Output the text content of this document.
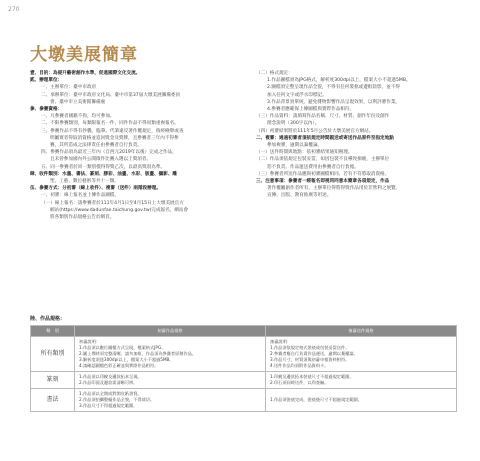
270
大墩美展簡章

壹、目的：為提升藝術創作水準，促進國際文化交流。

貳、辦理單位：

一、主辦單位：臺中市政府

二、承辦單位：臺中市政府文化局、臺中市第37屆大墩美展籌備委員

會、臺中市立美術館籌備處

參、參賽資格：

一、凡參賽者國籍不拘，均可參加。

二、不限參賽類別，每類限報名一件，同件作品不得同類重複報名。

三、參賽作品不得有抄襲、臨摹、代筆違反著作權規定，倘經檢舉或查

明屬實者得取消資格並追回獎金及獎牌，且參賽者三年內不得參

賽，其所造成之法律責任由參賽者自行負責。

四、參賽作品須為最近三年內（自西元2019年以後）完成之作品，

且未曾參加國內外公開徵件比賽入選以上獎項者。

五、同一參賽者於同一類別僅得得獎乙次，以最高獎項為準。

肆、收件類別：水墨、書法、篆刻、膠彩、油畫、水彩、版畫、攝影、雕

塑、工藝、數位藝術等共十一類。

伍、參賽方式：分初審（線上收件）、複審（送件）兩階段辦理。

一、初審：線上報名並上傳作品圖檔。

（一）線上報名：請參賽者於111年4月1日至4月15日上大墩美展官方

網站(https://www.dadunfae.taichung.gov.tw)完成報名，網站會

將各類別作品規格公告於網頁。

（二）格式規定：

1.作品圖檔須為JPG格式，解析度300dpi以上，檔案大小不超過5MB。

2.圖檔須完整呈現作品全貌，不得有任何裝框或邊框陰影，並不得

加入任何文字或浮水印標記。

3.作品背景須單純，避免雜物影響作品呈現效果，以利評審作業。

4.參賽者應確保上傳圖檔與實際作品相符。

（三）作品資料：請填寫作品名稱、尺寸、材質、創作年份及創作

理念說明（300字以內）。

（四）初審結果將於111年5月公告於大墩美展官方網站。

二、複審：通過初審者須依規定時間親送或寄送作品原件至指定地點

參加複審，逾期以棄權論。

（一）送件時間與地點：依初審結果通知辦理。

（二）作品須依規定包裝妥當，如因包裝不良導致損壞，主辦單位

恕不負責。作品運送費用由參賽者自行負擔。

（三）參賽者所送作品應與初審圖檔相同，若有不符將取消資格。

三、注意事項：參賽者一經報名即視同同意本簡章各項規定，作品

著作權屬創作者所有，主辦單位得將得獎作品用於非營利之展覽、

宣傳、出版、教育推廣等用途。

陸、作品規格：
類　別	初審作品規格	複審送件規格
所有類別	初審說明：
1.作品須以數位圖檔方式呈現，檔案格式JPG。
2.圖上傳時須完整清晰，請勿加框，作品須為參賽者原創作品。
3.解析度須達300dpi以上，檔案大小不超過5MB。
4.請確認圖檔色彩正確並與實際作品相符。	複審說明：
1.作品須依規定格式裝裱或包裝妥當送件。
2.參賽者應自行負責作品運送，逾期以棄權論。
3.作品尺寸、材質須與初審申報資料相符。
4.送件作品均須附作品資料卡。

篆刻	1.作品須以印蛻及邊款拓本呈現。
2.作品印面及邊款需清晰可辨。	1.印蛻及邊款拓本裝裱尺寸不超過規定範圍。
2.印石須同時送件，以利查驗。

書法	1.作品須以全開或對開宣紙書寫。
2.作品須拍攝整幅作品全貌，不得裁切。
3.作品尺寸不得超過規定範圍。	1.作品須裝裱完成，裝裱後尺寸不超過規定範圍。
